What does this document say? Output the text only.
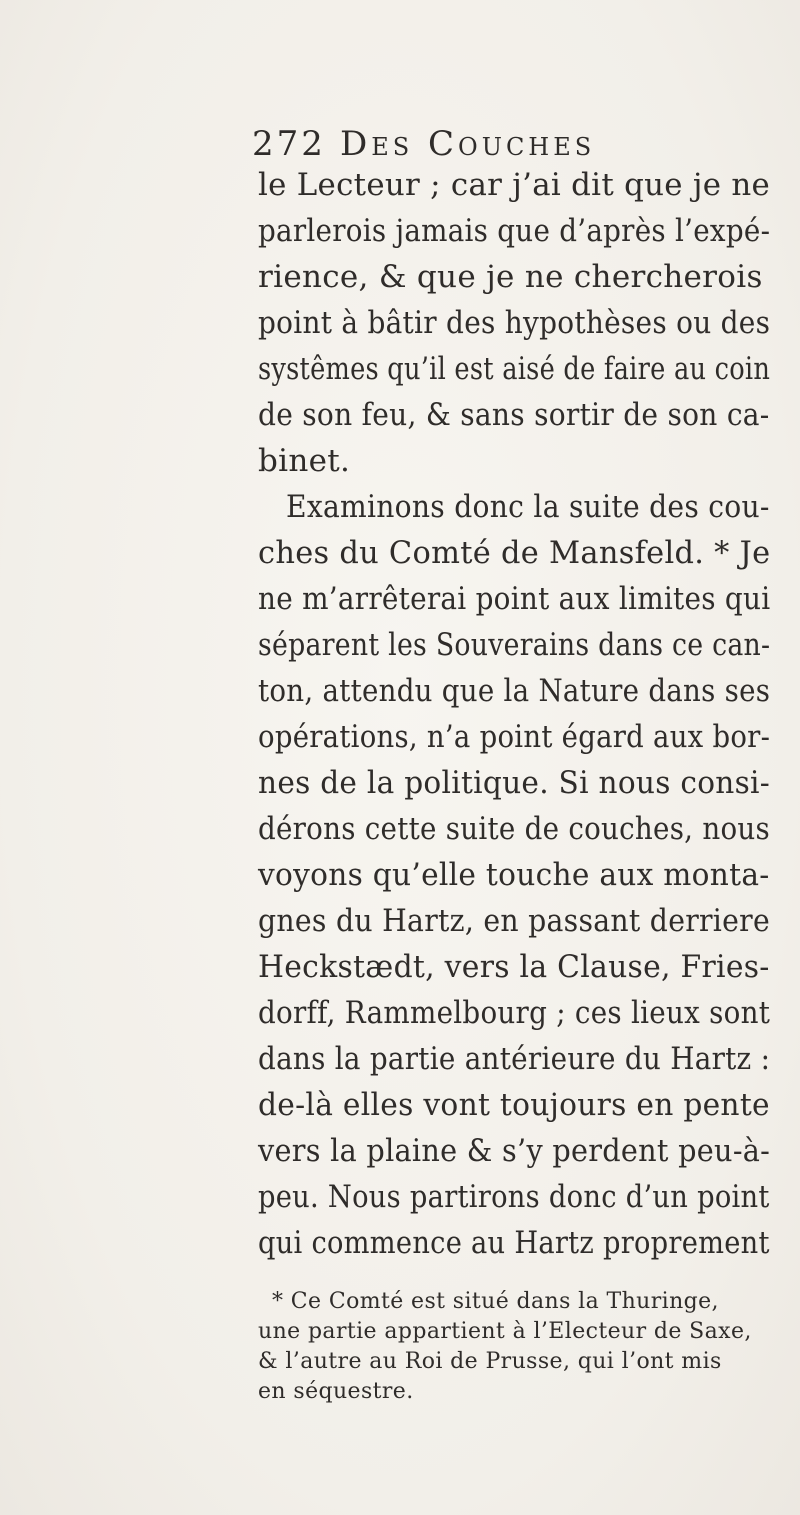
272 Des Couches
le Lecteur ; car j’ai dit que je ne
parlerois jamais que d’après l’expé-
rience, & que je ne chercherois
point à bâtir des hypothèses ou des
systêmes qu’il est aisé de faire au coin
de son feu, & sans sortir de son ca-
binet.
Examinons donc la suite des cou-
ches du Comté de Mansfeld. * Je
ne m’arrêterai point aux limites qui
séparent les Souverains dans ce can-
ton, attendu que la Nature dans ses
opérations, n’a point égard aux bor-
nes de la politique. Si nous consi-
dérons cette suite de couches, nous
voyons qu’elle touche aux monta-
gnes du Hartz, en passant derriere
Heckstædt, vers la Clause, Fries-
dorff, Rammelbourg ; ces lieux sont
dans la partie antérieure du Hartz :
de-là elles vont toujours en pente
vers la plaine & s’y perdent peu-à-
peu. Nous partirons donc d’un point
qui commence au Hartz proprement
* Ce Comté est situé dans la Thuringe,
une partie appartient à l’Electeur de Saxe,
& l’autre au Roi de Prusse, qui l’ont mis
en séquestre.
